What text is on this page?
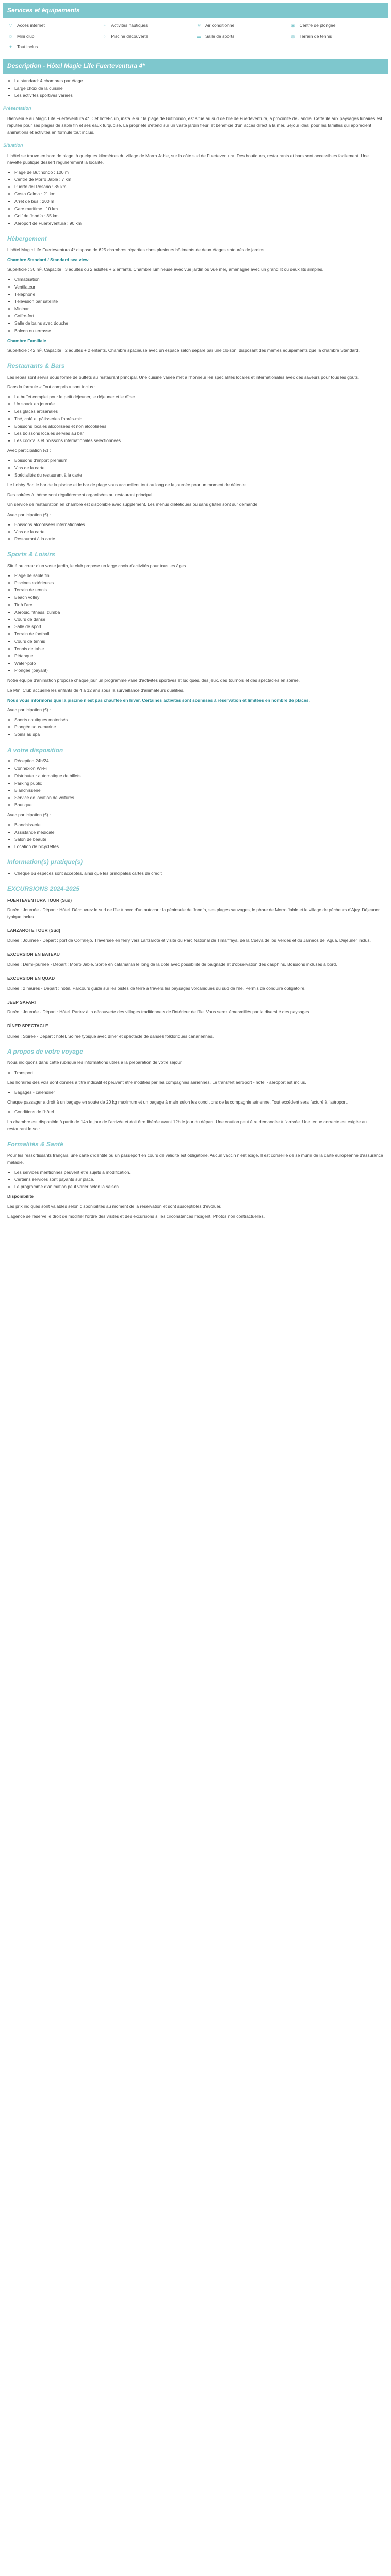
Services et équipements
⌔ Accès internet	≈	Activités nautiques	❄	Air conditionné	◉	Centre de plongée
☺ Mini club	◌	Piscine découverte	▬ Salle de sports	◍	Terrain de tennis
✦	Tout inclus
Description - Hôtel Magic Life Fuerteventura 4*
• Le standard: 4 chambres par étage
• Large choix de la cuisine
• Les activités sportives variées
Présentation

Bienvenue au Magic Life Fuerteventura 4*. Cet hôtel-club, installé sur la plage de Butihondo, est situé au sud de l'île de Fuerteventura, à proximité de Jandía. Cette île aux paysages lunaires est réputée pour ses plages de sable fin et ses eaux turquoise. La propriété s'étend sur un vaste jardin fleuri et bénéficie d'un accès direct à la mer. Séjour idéal pour les familles qui apprécient animations et activités en formule tout inclus.

Situation

L'hôtel se trouve en bord de plage, à quelques kilomètres du village de Morro Jable, sur la côte sud de Fuerteventura. Des boutiques, restaurants et bars sont accessibles facilement. Une navette publique dessert régulièrement la localité.

• Plage de Butihondo : 100 m
• Centre de Morro Jable : 7 km
• Puerto del Rosario : 85 km
• Costa Calma : 21 km
• Arrêt de bus : 200 m
• Gare maritime : 10 km
• Golf de Jandía : 35 km
• Aéroport de Fuerteventura : 90 km
Hébergement

L'hôtel Magic Life Fuerteventura 4* dispose de 625 chambres réparties dans plusieurs bâtiments de deux étages entourés de jardins.

Chambre Standard / Standard sea view

Superficie : 30 m². Capacité : 3 adultes ou 2 adultes + 2 enfants. Chambre lumineuse avec vue jardin ou vue mer, aménagée avec un grand lit ou deux lits simples.

• Climatisation
• Ventilateur
• Téléphone
• Télévision par satellite
• Minibar
• Coffre-fort
• Salle de bains avec douche
• Balcon ou terrasse
Chambre Familiale

Superficie : 42 m². Capacité : 2 adultes + 2 enfants. Chambre spacieuse avec un espace salon séparé par une cloison, disposant des mêmes équipements que la chambre Standard.

Restaurants & Bars

Les repas sont servis sous forme de buffets au restaurant principal. Une cuisine variée met à l'honneur les spécialités locales et internationales avec des saveurs pour tous les goûts.

Dans la formule « Tout compris » sont inclus :

• Le buffet complet pour le petit déjeuner, le déjeuner et le dîner
• Un snack en journée
• Les glaces artisanales
• Thé, café et pâtisseries l'après-midi
• Boissons locales alcoolisées et non alcoolisées
• Les boissons locales servies au bar
• Les cocktails et boissons internationales sélectionnées

Avec participation (€) :

• Boissons d'import premium
• Vins de la carte
• Spécialités du restaurant à la carte

Le Lobby Bar, le bar de la piscine et le bar de plage vous accueillent tout au long de la journée pour un moment de détente.

Des soirées à thème sont régulièrement organisées au restaurant principal.

Un service de restauration en chambre est disponible avec supplément. Les menus diététiques ou sans gluten sont sur demande.

Avec participation (€) :

• Boissons alcoolisées internationales
• Vins de la carte
• Restaurant à la carte
Sports & Loisirs

Situé au cœur d'un vaste jardin, le club propose un large choix d'activités pour tous les âges.

• Plage de sable fin
• Piscines extérieures
• Terrain de tennis
• Beach volley
• Tir à l'arc
• Aérobic, fitness, zumba
• Cours de danse
• Salle de sport
• Terrain de football
• Cours de tennis
• Tennis de table
• Pétanque
• Water-polo
• Plongée (payant)

Notre équipe d'animation propose chaque jour un programme varié d'activités sportives et ludiques, des jeux, des tournois et des spectacles en soirée.

Le Mini Club accueille les enfants de 4 à 12 ans sous la surveillance d'animateurs qualifiés.

Nous vous informons que la piscine n'est pas chauffée en hiver. Certaines activités sont soumises à réservation et limitées en nombre de places.

Avec participation (€) :

• Sports nautiques motorisés
• Plongée sous-marine
• Soins au spa
A votre disposition
• Réception 24h/24
• Connexion Wi-Fi
• Distributeur automatique de billets
• Parking public
• Blanchisserie
• Service de location de voitures
• Boutique

Avec participation (€) :

• Blanchisserie
• Assistance médicale
• Salon de beauté
• Location de bicyclettes
Information(s) pratique(s)
• Chèque ou espèces sont acceptés, ainsi que les principales cartes de crédit
EXCURSIONS 2024-2025
FUERTEVENTURA TOUR (Sud)

Durée : Journée - Départ : Hôtel. Découvrez le sud de l'île à bord d'un autocar : la péninsule de Jandía, ses plages sauvages, le phare de Morro Jable et le village de pêcheurs d'Ajuy. Déjeuner typique inclus.

LANZAROTE TOUR (Sud)

Durée : Journée - Départ : port de Corralejo. Traversée en ferry vers Lanzarote et visite du Parc National de Timanfaya, de la Cueva de los Verdes et du Jameos del Agua. Déjeuner inclus.

EXCURSION EN BATEAU

Durée : Demi-journée - Départ : Morro Jable. Sortie en catamaran le long de la côte avec possibilité de baignade et d'observation des dauphins. Boissons incluses à bord.

EXCURSION EN QUAD

Durée : 2 heures - Départ : hôtel. Parcours guidé sur les pistes de terre à travers les paysages volcaniques du sud de l'île. Permis de conduire obligatoire.

JEEP SAFARI

Durée : Journée - Départ : Hôtel. Partez à la découverte des villages traditionnels de l'intérieur de l'île. Vous serez émerveillés par la diversité des paysages.

DÎNER SPECTACLE

Durée : Soirée - Départ : hôtel. Soirée typique avec dîner et spectacle de danses folkloriques canariennes.

A propos de votre voyage

Nous indiquons dans cette rubrique les informations utiles à la préparation de votre séjour.

• Transport

Les horaires des vols sont donnés à titre indicatif et peuvent être modifiés par les compagnies aériennes. Le transfert aéroport - hôtel - aéroport est inclus.

• Bagages - calendrier

Chaque passager a droit à un bagage en soute de 20 kg maximum et un bagage à main selon les conditions de la compagnie aérienne. Tout excédent sera facturé à l'aéroport.

• Conditions de l'hôtel

La chambre est disponible à partir de 14h le jour de l'arrivée et doit être libérée avant 12h le jour du départ. Une caution peut être demandée à l'arrivée. Une tenue correcte est exigée au restaurant le soir.

Formalités & Santé

Pour les ressortissants français, une carte d'identité ou un passeport en cours de validité est obligatoire. Aucun vaccin n'est exigé. Il est conseillé de se munir de la carte européenne d'assurance maladie.

• Les services mentionnés peuvent être sujets à modification.
• Certains services sont payants sur place.
• Le programme d'animation peut varier selon la saison.
Disponibilité

Les prix indiqués sont valables selon disponibilités au moment de la réservation et sont susceptibles d'évoluer.

L'agence se réserve le droit de modifier l'ordre des visites et des excursions si les circonstances l'exigent. Photos non contractuelles.
